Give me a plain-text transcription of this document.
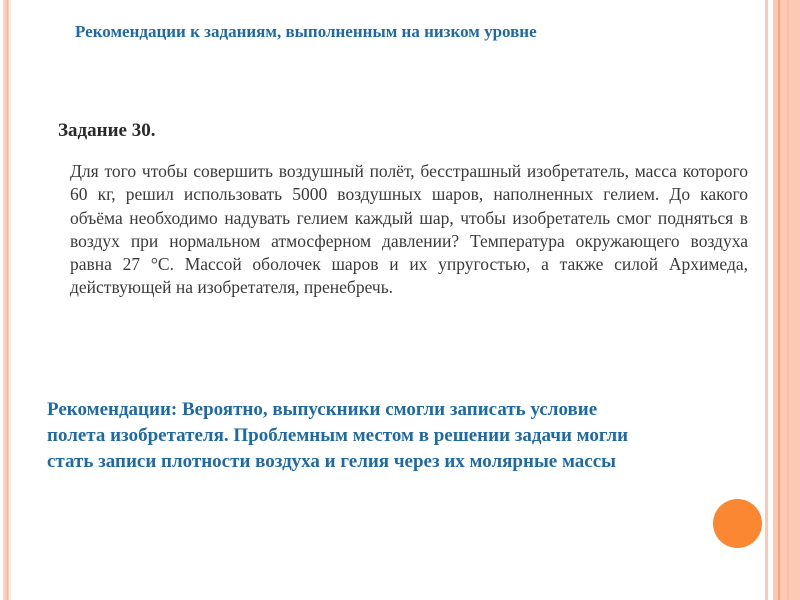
Рекомендации к заданиям, выполненным на низком уровне
Задание 30.
Для того чтобы совершить воздушный полёт, бесстрашный изобретатель, масса которого 60 кг, решил использовать 5000 воздушных шаров, наполненных гелием. До какого объёма необходимо надувать гелием каждый шар, чтобы изобретатель смог подняться в воздух при нормальном атмосферном давлении? Температура окружающего воздуха равна 27 °С. Массой оболочек шаров и их упругостью, а также силой Архимеда, действующей на изобретателя, пренебречь.
Рекомендации: Вероятно, выпускники смогли записать условие
полета изобретателя. Проблемным местом в решении задачи могли
стать записи плотности воздуха и гелия через их молярные массы
